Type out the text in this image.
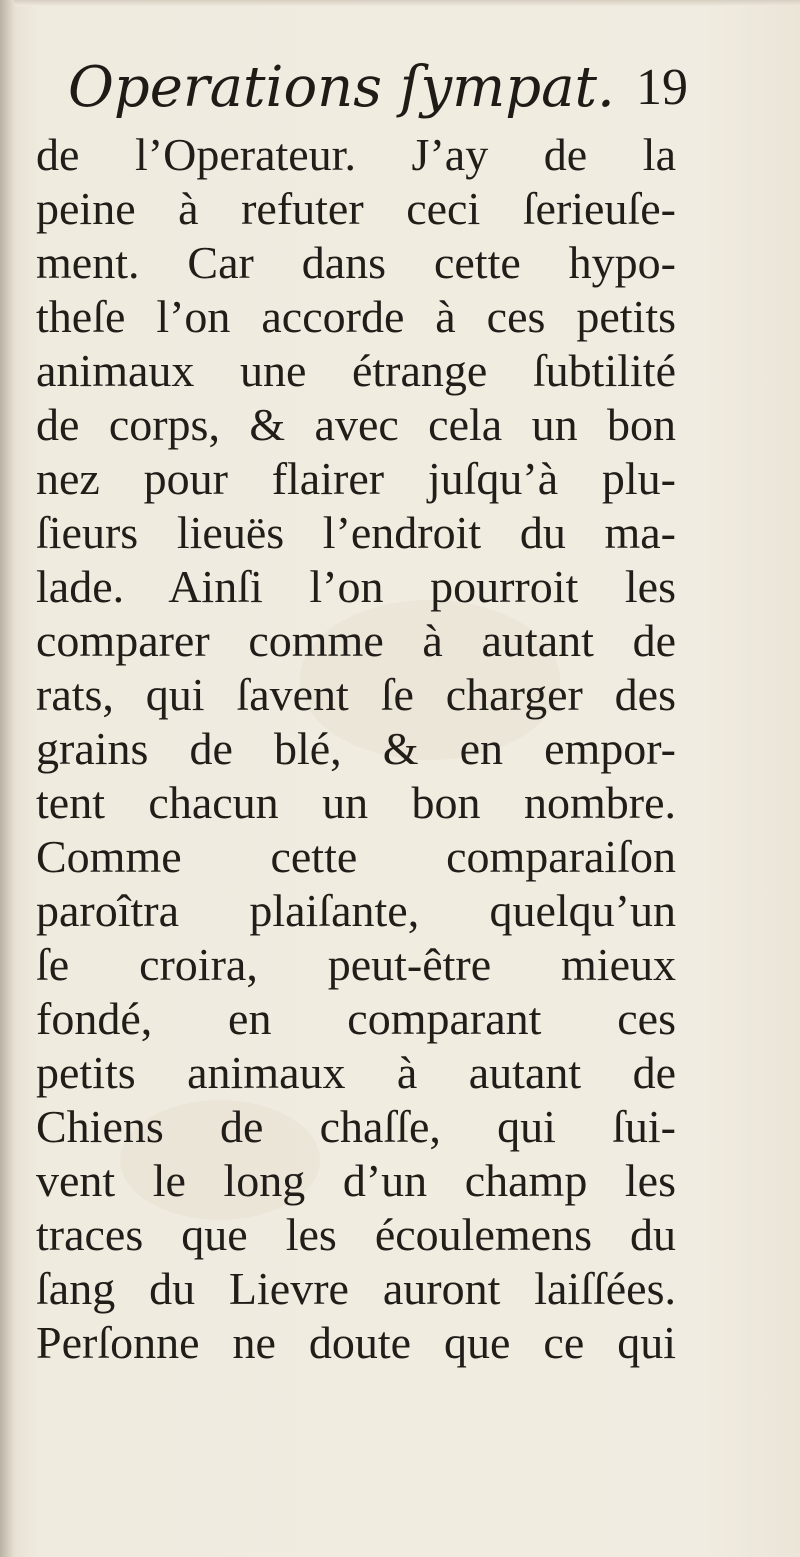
Operations ſympat. 19
de l’Operateur. J’ay de la
peine à refuter ceci ſerieuſe-
ment. Car dans cette hypo-
theſe l’on accorde à ces petits
animaux une étrange ſubtilité
de corps, & avec cela un bon
nez pour flairer juſqu’à plu-
ſieurs lieuës l’endroit du ma-
lade. Ainſi l’on pourroit les
comparer comme à autant de
rats, qui ſavent ſe charger des
grains de blé, & en empor-
tent chacun un bon nombre.
Comme cette comparaiſon
paroîtra plaiſante, quelqu’un
ſe croira, peut-être mieux
fondé, en comparant ces
petits animaux à autant de
Chiens de chaſſe, qui ſui-
vent le long d’un champ les
traces que les écoulemens du
ſang du Lievre auront laiſſées.
Perſonne ne doute que ce qui
